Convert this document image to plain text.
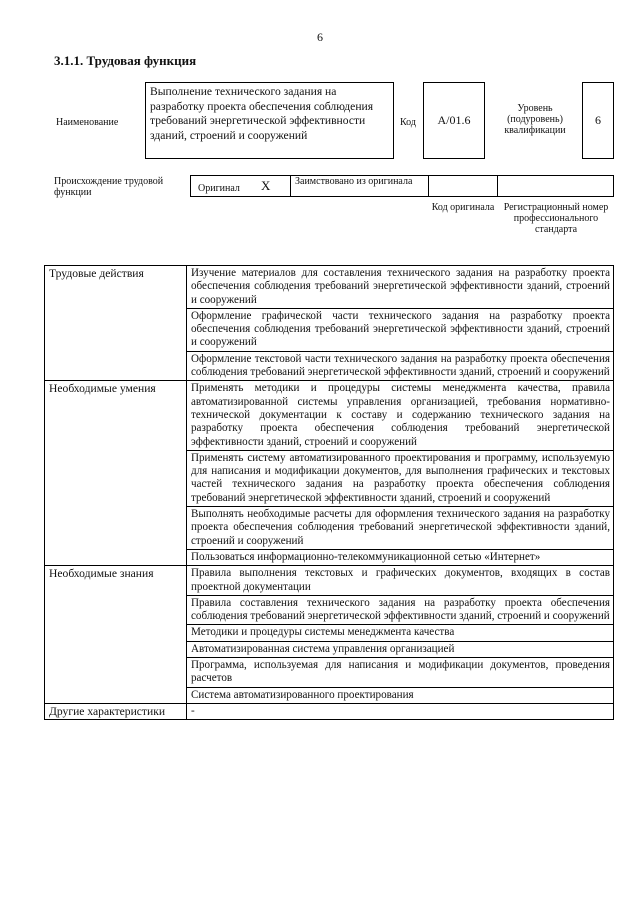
6
3.1.1. Трудовая функция
Наименование
Выполнение технического задания на разработку проекта обеспечения соблюдения требований энергетической эффективности зданий, строений и сооружений
Код А/01.6
Уровень (подуровень) квалификации
6
Происхождение трудовой функции	Оригинал X Заимствовано из оригинала
Код оригинала Регистрационный номер профессионального стандарта
Трудовые действия	Изучение материалов для составления технического задания на разработку проекта обеспечения соблюдения требований энергетической эффективности зданий, строений и сооружений
	Оформление графической части технического задания на разработку проекта обеспечения соблюдения требований энергетической эффективности зданий, строений и сооружений
	Оформление текстовой части технического задания на разработку проекта обеспечения соблюдения требований энергетической эффективности зданий, строений и сооружений
Необходимые умения	Применять методики и процедуры системы менеджмента качества, правила автоматизированной системы управления организацией, требования нормативно-технической документации к составу и содержанию технического задания на разработку проекта обеспечения соблюдения требований энергетической эффективности зданий, строений и сооружений
	Применять систему автоматизированного проектирования и программу, используемую для написания и модификации документов, для выполнения графических и текстовых частей технического задания на разработку проекта обеспечения соблюдения требований энергетической эффективности зданий, строений и сооружений
	Выполнять необходимые расчеты для оформления технического задания на разработку проекта обеспечения соблюдения требований энергетической эффективности зданий, строений и сооружений
	Пользоваться информационно-телекоммуникационной сетью «Интернет»
Необходимые знания	Правила выполнения текстовых и графических документов, входящих в состав проектной документации
	Правила составления технического задания на разработку проекта обеспечения соблюдения требований энергетической эффективности зданий, строений и сооружений
	Методики и процедуры системы менеджмента качества
	Автоматизированная система управления организацией
	Программа, используемая для написания и модификации документов, проведения расчетов
	Система автоматизированного проектирования
Другие характеристики	-
